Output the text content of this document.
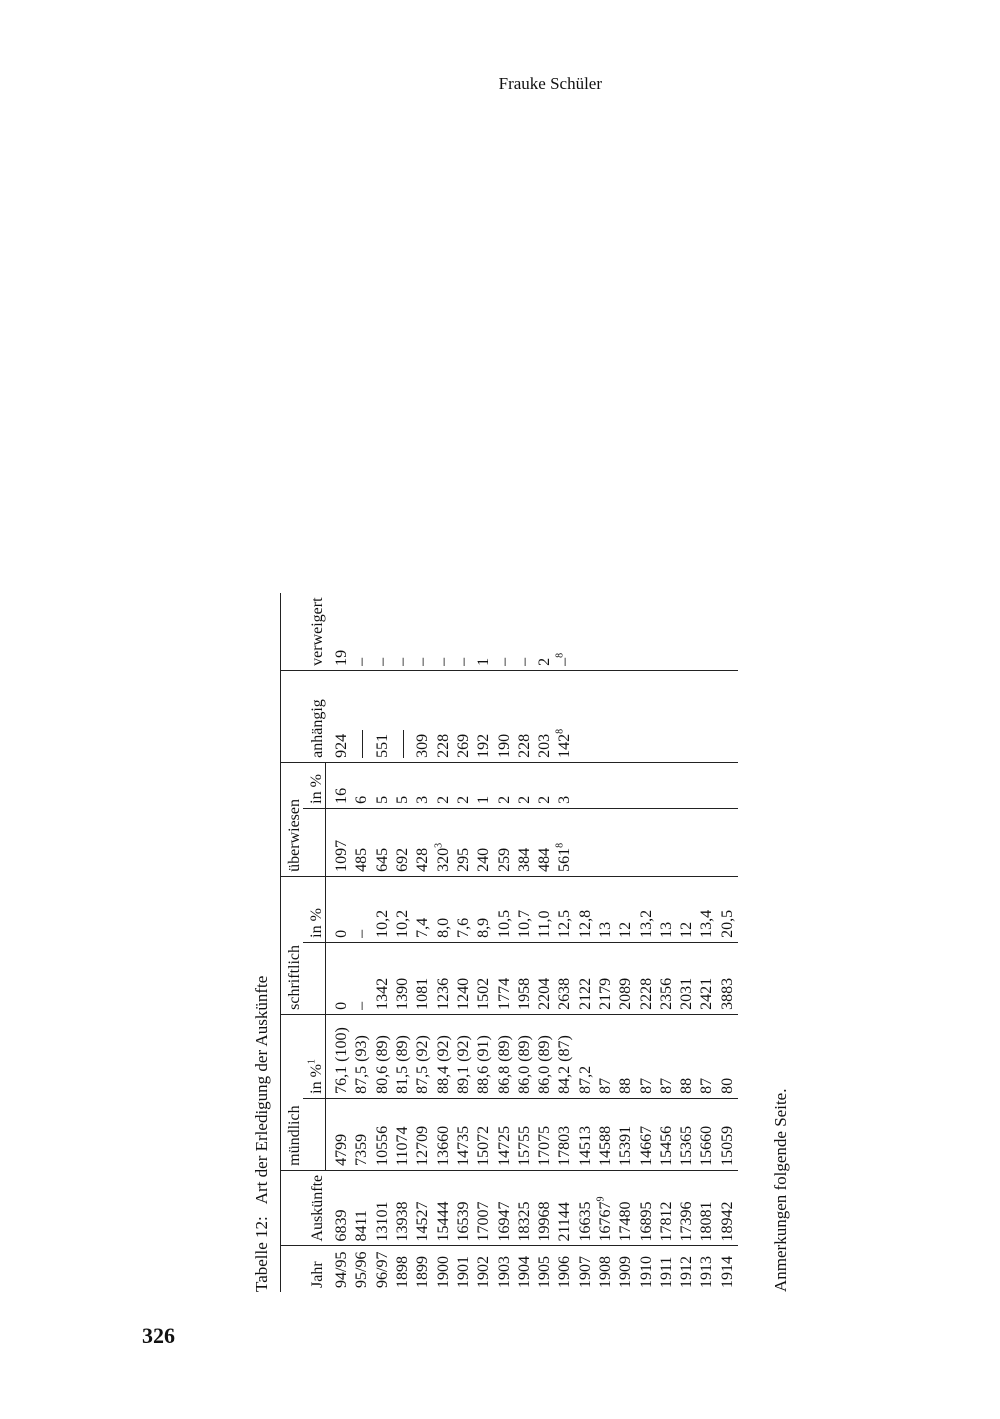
Frauke Schüler
326
Tabelle 12:Art der Erledigung der Auskünfte
Jahr	Auskünfte	mündlich		schriftlich		überwiesen		anhängig	verweigert
			in %$^1$		in %		in %		
94/95	6839	4799	76,1 (100)	0	0	1097	16	924	19
95/96	8411	7359	87,5 (93)	–	–	485	6		–
96/97	13101	10556	80,6 (89)	1342	10,2	645	5	551	–
1898	13938	11074	81,5 (89)	1390	10,2	692	5		–
1899	14527	12709	87,5 (92)	1081	7,4	428	3	309	–
1900	15444	13660	88,4 (92)	1236	8,0	$320^3$	2	228	–
1901	16539	14735	89,1 (92)	1240	7,6	295	2	269	–
1902	17007	15072	88,6 (91)	1502	8,9	240	1	192	1
1903	16947	14725	86,8 (89)	1774	10,5	259	2	190	–
1904	18325	15755	86,0 (89)	1958	10,7	384	2	228	–
1905	19968	17075	86,0 (89)	2204	11,0	484	2	203	2
1906	21144	17803	84,2 (87)	2638	12,5	$561^8$	3	$142^8$	–$^8$
1907	16635	14513	87,2	2122	12,8				
1908	16767$^9$	14588	87	2179	13				
1909	17480	15391	88	2089	12				
1910	16895	14667	87	2228	13,2				
1911	17812	15456	87	2356	13				
1912	17396	15365	88	2031	12				
1913	18081	15660	87	2421	13,4				
1914	18942	15059	80	3883	20,5				
Anmerkungen folgende Seite.
